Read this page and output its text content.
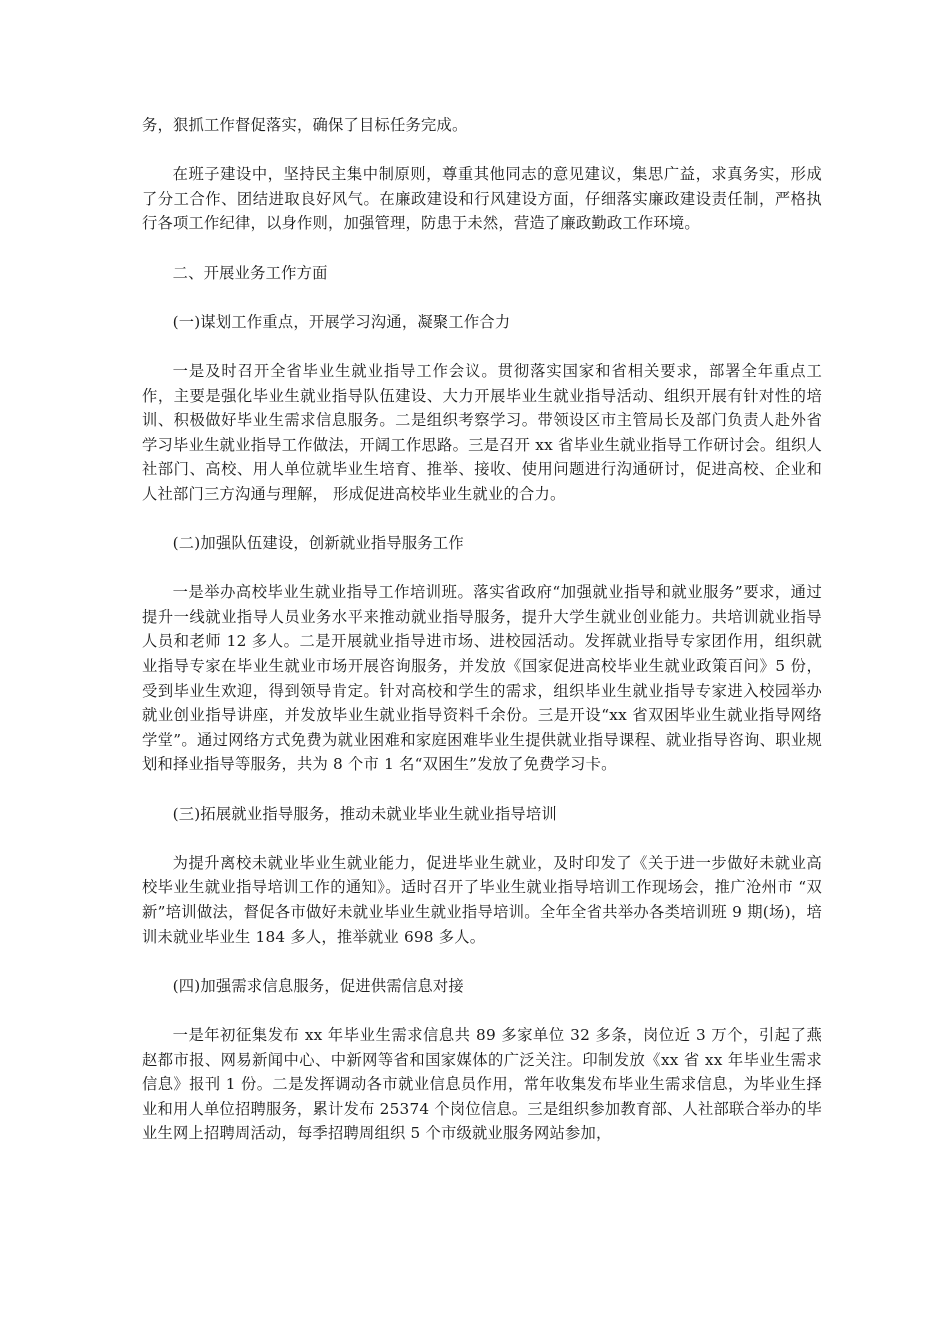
务，狠抓工作督促落实，确保了目标任务完成。

在班子建设中，坚持民主集中制原则，尊重其他同志的意见建议，集思广益，求真务实，形成了分工合作、团结进取良好风气。在廉政建设和行风建设方面，仔细落实廉政建设责任制，严格执行各项工作纪律，以身作则，加强管理，防患于未然，营造了廉政勤政工作环境。

二、开展业务工作方面

(一)谋划工作重点，开展学习沟通，凝聚工作合力

一是及时召开全省毕业生就业指导工作会议。贯彻落实国家和省相关要求，部署全年重点工作，主要是强化毕业生就业指导队伍建设、大力开展毕业生就业指导活动、组织开展有针对性的培训、积极做好毕业生需求信息服务。二是组织考察学习。带领设区市主管局长及部门负责人赴外省学习毕业生就业指导工作做法，开阔工作思路。三是召开 xx 省毕业生就业指导工作研讨会。组织人社部门、高校、用人单位就毕业生培育、推举、接收、使用问题进行沟通研讨，促进高校、企业和人社部门三方沟通与理解， 形成促进高校毕业生就业的合力。

(二)加强队伍建设，创新就业指导服务工作

一是举办高校毕业生就业指导工作培训班。落实省政府“加强就业指导和就业服务”要求，通过提升一线就业指导人员业务水平来推动就业指导服务，提升大学生就业创业能力。共培训就业指导人员和老师 12 多人。二是开展就业指导进市场、进校园活动。发挥就业指导专家团作用，组织就业指导专家在毕业生就业市场开展咨询服务，并发放《国家促进高校毕业生就业政策百问》5 份，受到毕业生欢迎，得到领导肯定。针对高校和学生的需求，组织毕业生就业指导专家进入校园举办就业创业指导讲座，并发放毕业生就业指导资料千余份。三是开设“xx 省双困毕业生就业指导网络学堂”。通过网络方式免费为就业困难和家庭困难毕业生提供就业指导课程、就业指导咨询、职业规划和择业指导等服务，共为 8 个市 1 名“双困生”发放了免费学习卡。

(三)拓展就业指导服务，推动未就业毕业生就业指导培训

为提升离校未就业毕业生就业能力，促进毕业生就业，及时印发了《关于进一步做好未就业高校毕业生就业指导培训工作的通知》。适时召开了毕业生就业指导培训工作现场会，推广沧州市 “双新”培训做法，督促各市做好未就业毕业生就业指导培训。全年全省共举办各类培训班 9 期(场)，培训未就业毕业生 184 多人，推举就业 698 多人。

(四)加强需求信息服务，促进供需信息对接

一是年初征集发布 xx 年毕业生需求信息共 89 多家单位 32 多条，岗位近 3 万个，引起了燕赵都市报、网易新闻中心、中新网等省和国家媒体的广泛关注。印制发放《xx 省 xx 年毕业生需求信息》报刊 1 份。二是发挥调动各市就业信息员作用，常年收集发布毕业生需求信息，为毕业生择业和用人单位招聘服务，累计发布 25374 个岗位信息。三是组织参加教育部、人社部联合举办的毕业生网上招聘周活动，每季招聘周组织 5 个市级就业服务网站参加，
